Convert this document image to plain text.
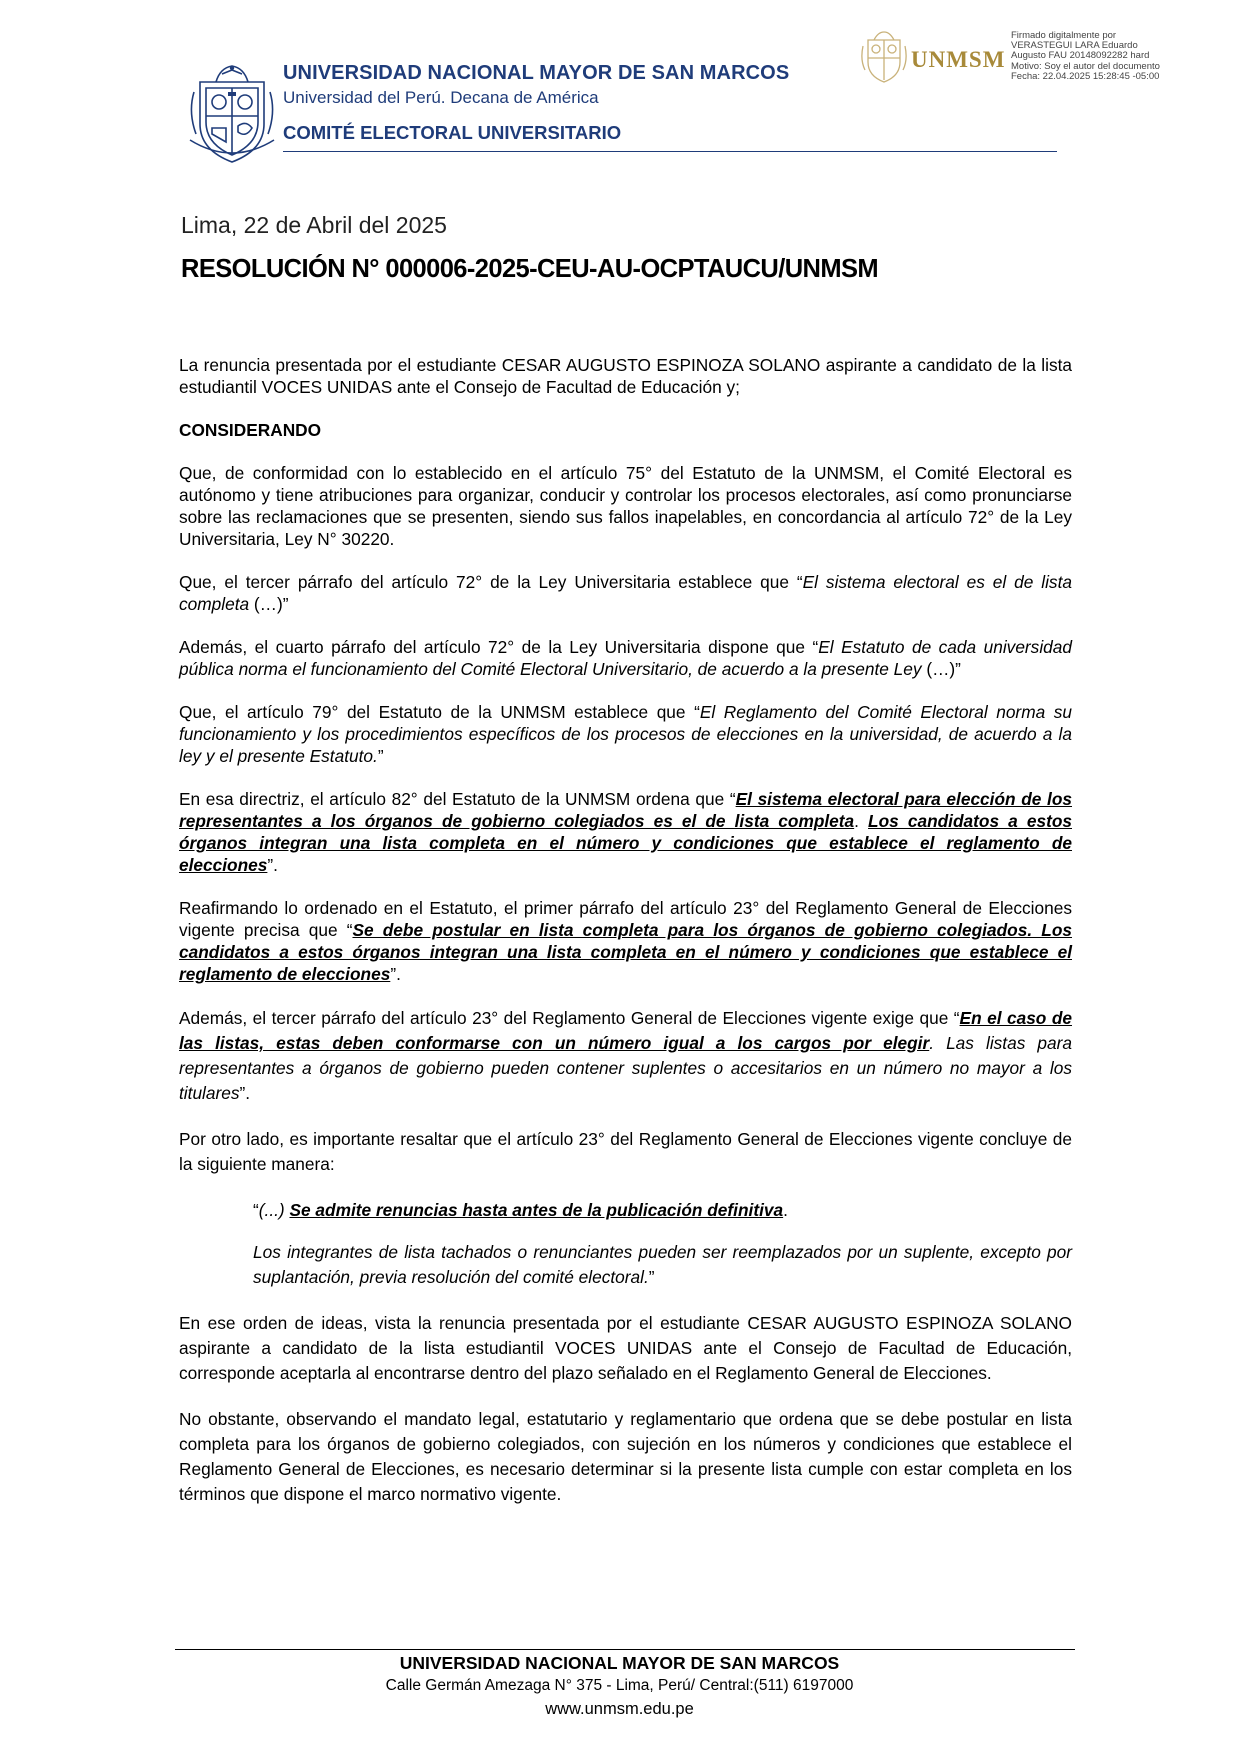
UNIVERSIDAD NACIONAL MAYOR DE SAN MARCOS
Universidad del Perú. Decana de América
COMITÉ ELECTORAL UNIVERSITARIO
UNMSM
Firmado digitalmente por
VERASTEGUI LARA Eduardo
Augusto FAU 20148092282 hard
Motivo: Soy el autor del documento
Fecha: 22.04.2025 15:28:45 -05:00
Lima, 22 de Abril del 2025
RESOLUCIÓN N° 000006-2025-CEU-AU-OCPTAUCU/UNMSM

La renuncia presentada por el estudiante CESAR AUGUSTO ESPINOZA SOLANO aspirante a candidato de la lista estudiantil VOCES UNIDAS ante el Consejo de Facultad de Educación y;

CONSIDERANDO

Que, de conformidad con lo establecido en el artículo 75° del Estatuto de la UNMSM, el Comité Electoral es autónomo y tiene atribuciones para organizar, conducir y controlar los procesos electorales, así como pronunciarse sobre las reclamaciones que se presenten, siendo sus fallos inapelables, en concordancia al artículo 72° de la Ley Universitaria, Ley N° 30220.

Que, el tercer párrafo del artículo 72° de la Ley Universitaria establece que “El sistema electoral es el de lista completa (…)”

Además, el cuarto párrafo del artículo 72° de la Ley Universitaria dispone que “El Estatuto de cada universidad pública norma el funcionamiento del Comité Electoral Universitario, de acuerdo a la presente Ley (…)”

Que, el artículo 79° del Estatuto de la UNMSM establece que “El Reglamento del Comité Electoral norma su funcionamiento y los procedimientos específicos de los procesos de elecciones en la universidad, de acuerdo a la ley y el presente Estatuto.”

En esa directriz, el artículo 82° del Estatuto de la UNMSM ordena que “El sistema electoral para elección de los representantes a los órganos de gobierno colegiados es el de lista completa. Los candidatos a estos órganos integran una lista completa en el número y condiciones que establece el reglamento de elecciones”.

Reafirmando lo ordenado en el Estatuto, el primer párrafo del artículo 23° del Reglamento General de Elecciones vigente precisa que “Se debe postular en lista completa para los órganos de gobierno colegiados. Los candidatos a estos órganos integran una lista completa en el número y condiciones que establece el reglamento de elecciones”.

Además, el tercer párrafo del artículo 23° del Reglamento General de Elecciones vigente exige que “En el caso de las listas, estas deben conformarse con un número igual a los cargos por elegir. Las listas para representantes a órganos de gobierno pueden contener suplentes o accesitarios en un número no mayor a los titulares”.

Por otro lado, es importante resaltar que el artículo 23° del Reglamento General de Elecciones vigente concluye de la siguiente manera:

“(...) Se admite renuncias hasta antes de la publicación definitiva.

Los integrantes de lista tachados o renunciantes pueden ser reemplazados por un suplente, excepto por suplantación, previa resolución del comité electoral.”

En ese orden de ideas, vista la renuncia presentada por el estudiante CESAR AUGUSTO ESPINOZA SOLANO aspirante a candidato de la lista estudiantil VOCES UNIDAS ante el Consejo de Facultad de Educación, corresponde aceptarla al encontrarse dentro del plazo señalado en el Reglamento General de Elecciones.

No obstante, observando el mandato legal, estatutario y reglamentario que ordena que se debe postular en lista completa para los órganos de gobierno colegiados, con sujeción en los números y condiciones que establece el Reglamento General de Elecciones, es necesario determinar si la presente lista cumple con estar completa en los términos que dispone el marco normativo vigente.

UNIVERSIDAD NACIONAL MAYOR DE SAN MARCOS
Calle Germán Amezaga N° 375 - Lima, Perú/ Central:(511) 6197000
www.unmsm.edu.pe
